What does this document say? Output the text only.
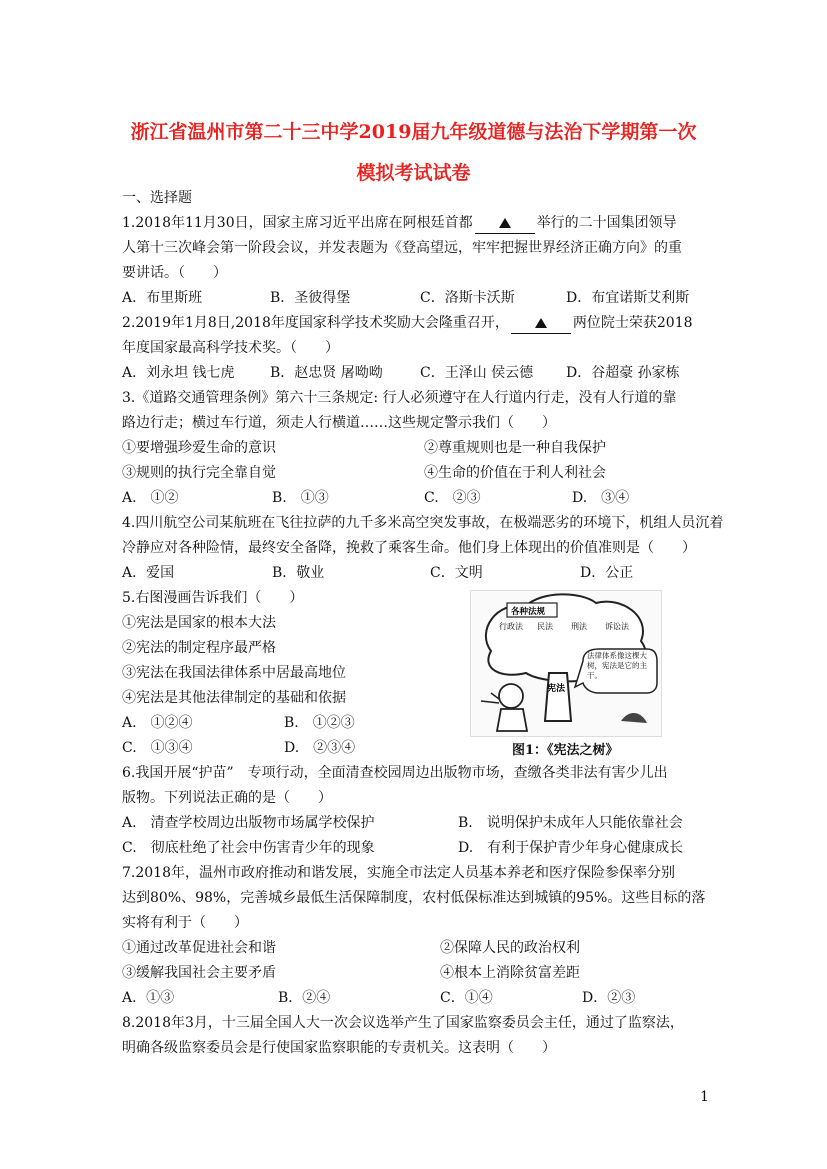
浙江省温州市第二十三中学2019届九年级道德与法治下学期第一次
模拟考试试卷
一、选择题
1.2018年11月30日，国家主席习近平出席在阿根廷首都	举行的二十国集团领导
人第十三次峰会第一阶段会议，并发表题为《登高望远，牢牢把握世界经济正确方向》的重
要讲话。（　　）
A．布里斯班	B．圣彼得堡	C．洛斯卡沃斯	D．布宜诺斯艾利斯
2.2019年1月8日,2018年度国家科学技术奖励大会隆重召开，	两位院士荣获2018
年度国家最高科学技术奖。（　　）
A．刘永坦 钱七虎	B．赵忠贤 屠呦呦	C．王泽山 侯云德 D．谷超豪 孙家栋
3.《道路交通管理条例》第六十三条规定: 行人必须遵守在人行道内行走，没有人行道的靠
路边行走；横过车行道，须走人行横道……这些规定警示我们（　　）
①要增强珍爱生命的意识	②尊重规则也是一种自我保护
③规则的执行完全靠自觉	④生命的价值在于利人利社会
A.　①②	B.　①③	C.　②③	D.　③④
4.四川航空公司某航班在飞往拉萨的九千多米高空突发事故，在极端恶劣的环境下，机组人员沉着
冷静应对各种险情，最终安全备降，挽救了乘客生命。他们身上体现出的价值准则是（　　）
A．爱国	B．敬业	C．文明	D．公正
5.右图漫画告诉我们（　　）
①宪法是国家的根本大法
②宪法的制定程序最严格
③宪法在我国法律体系中居最高地位
④宪法是其他法律制定的基础和依据
A.　①②④	B.　①②③
C.　①③④	D.　②③④
各种法规
行政法 民法 刑法 诉讼法
宪法
法律体系像这棵大树，宪法是它的主干。
图1：《宪法之树》
6.我国开展“护苗”　专项行动，全面清查校园周边出版物市场，查缴各类非法有害少儿出
版物。下列说法正确的是（　　）
A.　清查学校周边出版物市场属学校保护	B.　说明保护未成年人只能依靠社会
C.　彻底杜绝了社会中伤害青少年的现象	D.　有利于保护青少年身心健康成长
7.2018年，温州市政府推动和谐发展，实施全市法定人员基本养老和医疗保险参保率分别
达到80%、98%，完善城乡最低生活保障制度，农村低保标准达到城镇的95%。这些目标的落
实将有利于（　　）
①通过改革促进社会和谐	②保障人民的政治权利
③缓解我国社会主要矛盾	④根本上消除贫富差距
A．①③	B．②④	C．①④	D．②③
8.2018年3月，十三届全国人大一次会议选举产生了国家监察委员会主任，通过了监察法，
明确各级监察委员会是行使国家监察职能的专责机关。这表明（　　）
1
